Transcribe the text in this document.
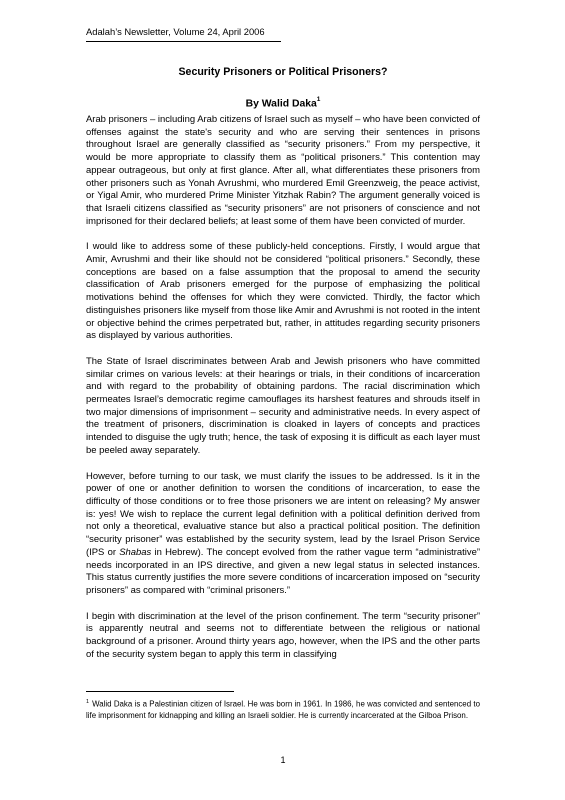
Adalah’s Newsletter, Volume 24, April 2006
Security Prisoners or Political Prisoners?
By Walid Daka$^1$

Arab prisoners – including Arab citizens of Israel such as myself – who have been convicted of offenses against the state's security and who are serving their sentences in prisons throughout Israel are generally classified as “security prisoners.” From my perspective, it would be more appropriate to classify them as “political prisoners.” This contention may appear outrageous, but only at first glance. After all, what differentiates these prisoners from other prisoners such as Yonah Avrushmi, who murdered Emil Greenzweig, the peace activist, or Yigal Amir, who murdered Prime Minister Yitzhak Rabin? The argument generally voiced is that Israeli citizens classified as “security prisoners” are not prisoners of conscience and not imprisoned for their declared beliefs; at least some of them have been convicted of murder.

I would like to address some of these publicly-held conceptions. Firstly, I would argue that Amir, Avrushmi and their like should not be considered “political prisoners.” Secondly, these conceptions are based on a false assumption that the proposal to amend the security classification of Arab prisoners emerged for the purpose of emphasizing the political motivations behind the offenses for which they were convicted. Thirdly, the factor which distinguishes prisoners like myself from those like Amir and Avrushmi is not rooted in the intent or objective behind the crimes perpetrated but, rather, in attitudes regarding security prisoners as displayed by various authorities.

The State of Israel discriminates between Arab and Jewish prisoners who have committed similar crimes on various levels: at their hearings or trials, in their conditions of incarceration and with regard to the probability of obtaining pardons. The racial discrimination which permeates Israel’s democratic regime camouflages its harshest features and shrouds itself in two major dimensions of imprisonment – security and administrative needs. In every aspect of the treatment of prisoners, discrimination is cloaked in layers of concepts and practices intended to disguise the ugly truth; hence, the task of exposing it is difficult as each layer must be peeled away separately.

However, before turning to our task, we must clarify the issues to be addressed. Is it in the power of one or another definition to worsen the conditions of incarceration, to ease the difficulty of those conditions or to free those prisoners we are intent on releasing? My answer is: yes! We wish to replace the current legal definition with a political definition derived from not only a theoretical, evaluative stance but also a practical political position. The definition “security prisoner” was established by the security system, lead by the Israel Prison Service (IPS or Shabas in Hebrew). The concept evolved from the rather vague term “administrative” needs incorporated in an IPS directive, and given a new legal status in selected instances. This status currently justifies the more severe conditions of incarceration imposed on “security prisoners” as compared with “criminal prisoners.”

I begin with discrimination at the level of the prison confinement. The term “security prisoner” is apparently neutral and seems not to differentiate between the religious or national background of a prisoner. Around thirty years ago, however, when the IPS and the other parts of the security system began to apply this term in classifying

$^1$ Walid Daka is a Palestinian citizen of Israel. He was born in 1961. In 1986, he was convicted and sentenced to life imprisonment for kidnapping and killing an Israeli soldier. He is currently incarcerated at the Gilboa Prison.
1
